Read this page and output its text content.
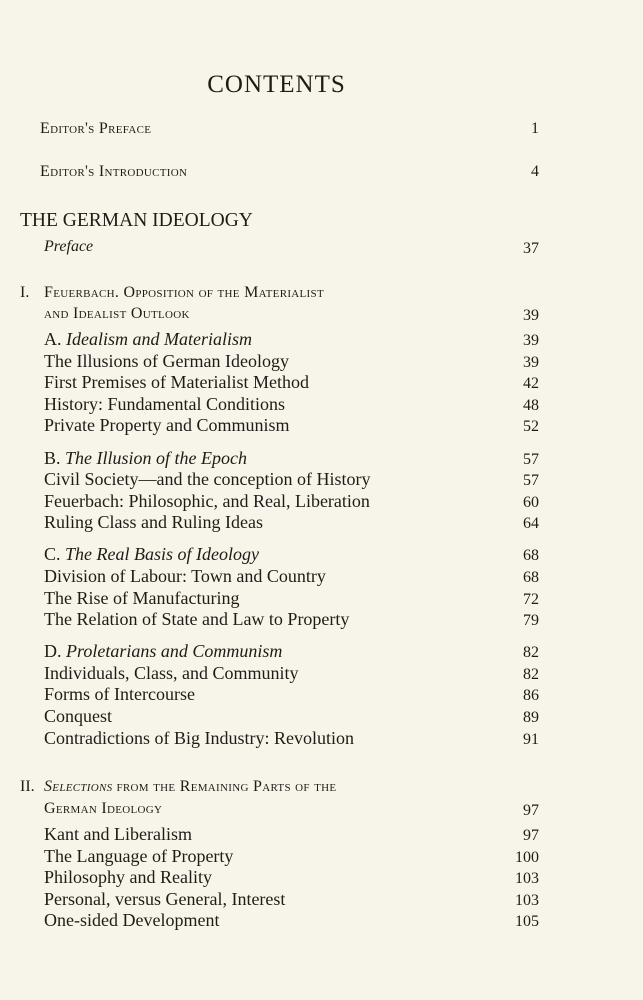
CONTENTS
Editor's Preface	1
Editor's Introduction	4
THE GERMAN IDEOLOGY
Preface	37
I. Feuerbach. Opposition of the Materialist
and Idealist Outlook	39
A. Idealism and Materialism	39
The Illusions of German Ideology	39
First Premises of Materialist Method	42
History: Fundamental Conditions	48
Private Property and Communism	52
B. The Illusion of the Epoch	57
Civil Society—and the conception of History	57
Feuerbach: Philosophic, and Real, Liberation	60
Ruling Class and Ruling Ideas	64
C. The Real Basis of Ideology	68
Division of Labour: Town and Country	68
The Rise of Manufacturing	72
The Relation of State and Law to Property	79
D. Proletarians and Communism	82
Individuals, Class, and Community	82
Forms of Intercourse	86
Conquest	89
Contradictions of Big Industry: Revolution	91
II. Selections from the Remaining Parts of the
German Ideology	97
Kant and Liberalism	97
The Language of Property	100
Philosophy and Reality	103
Personal, versus General, Interest	103
One-sided Development	105
